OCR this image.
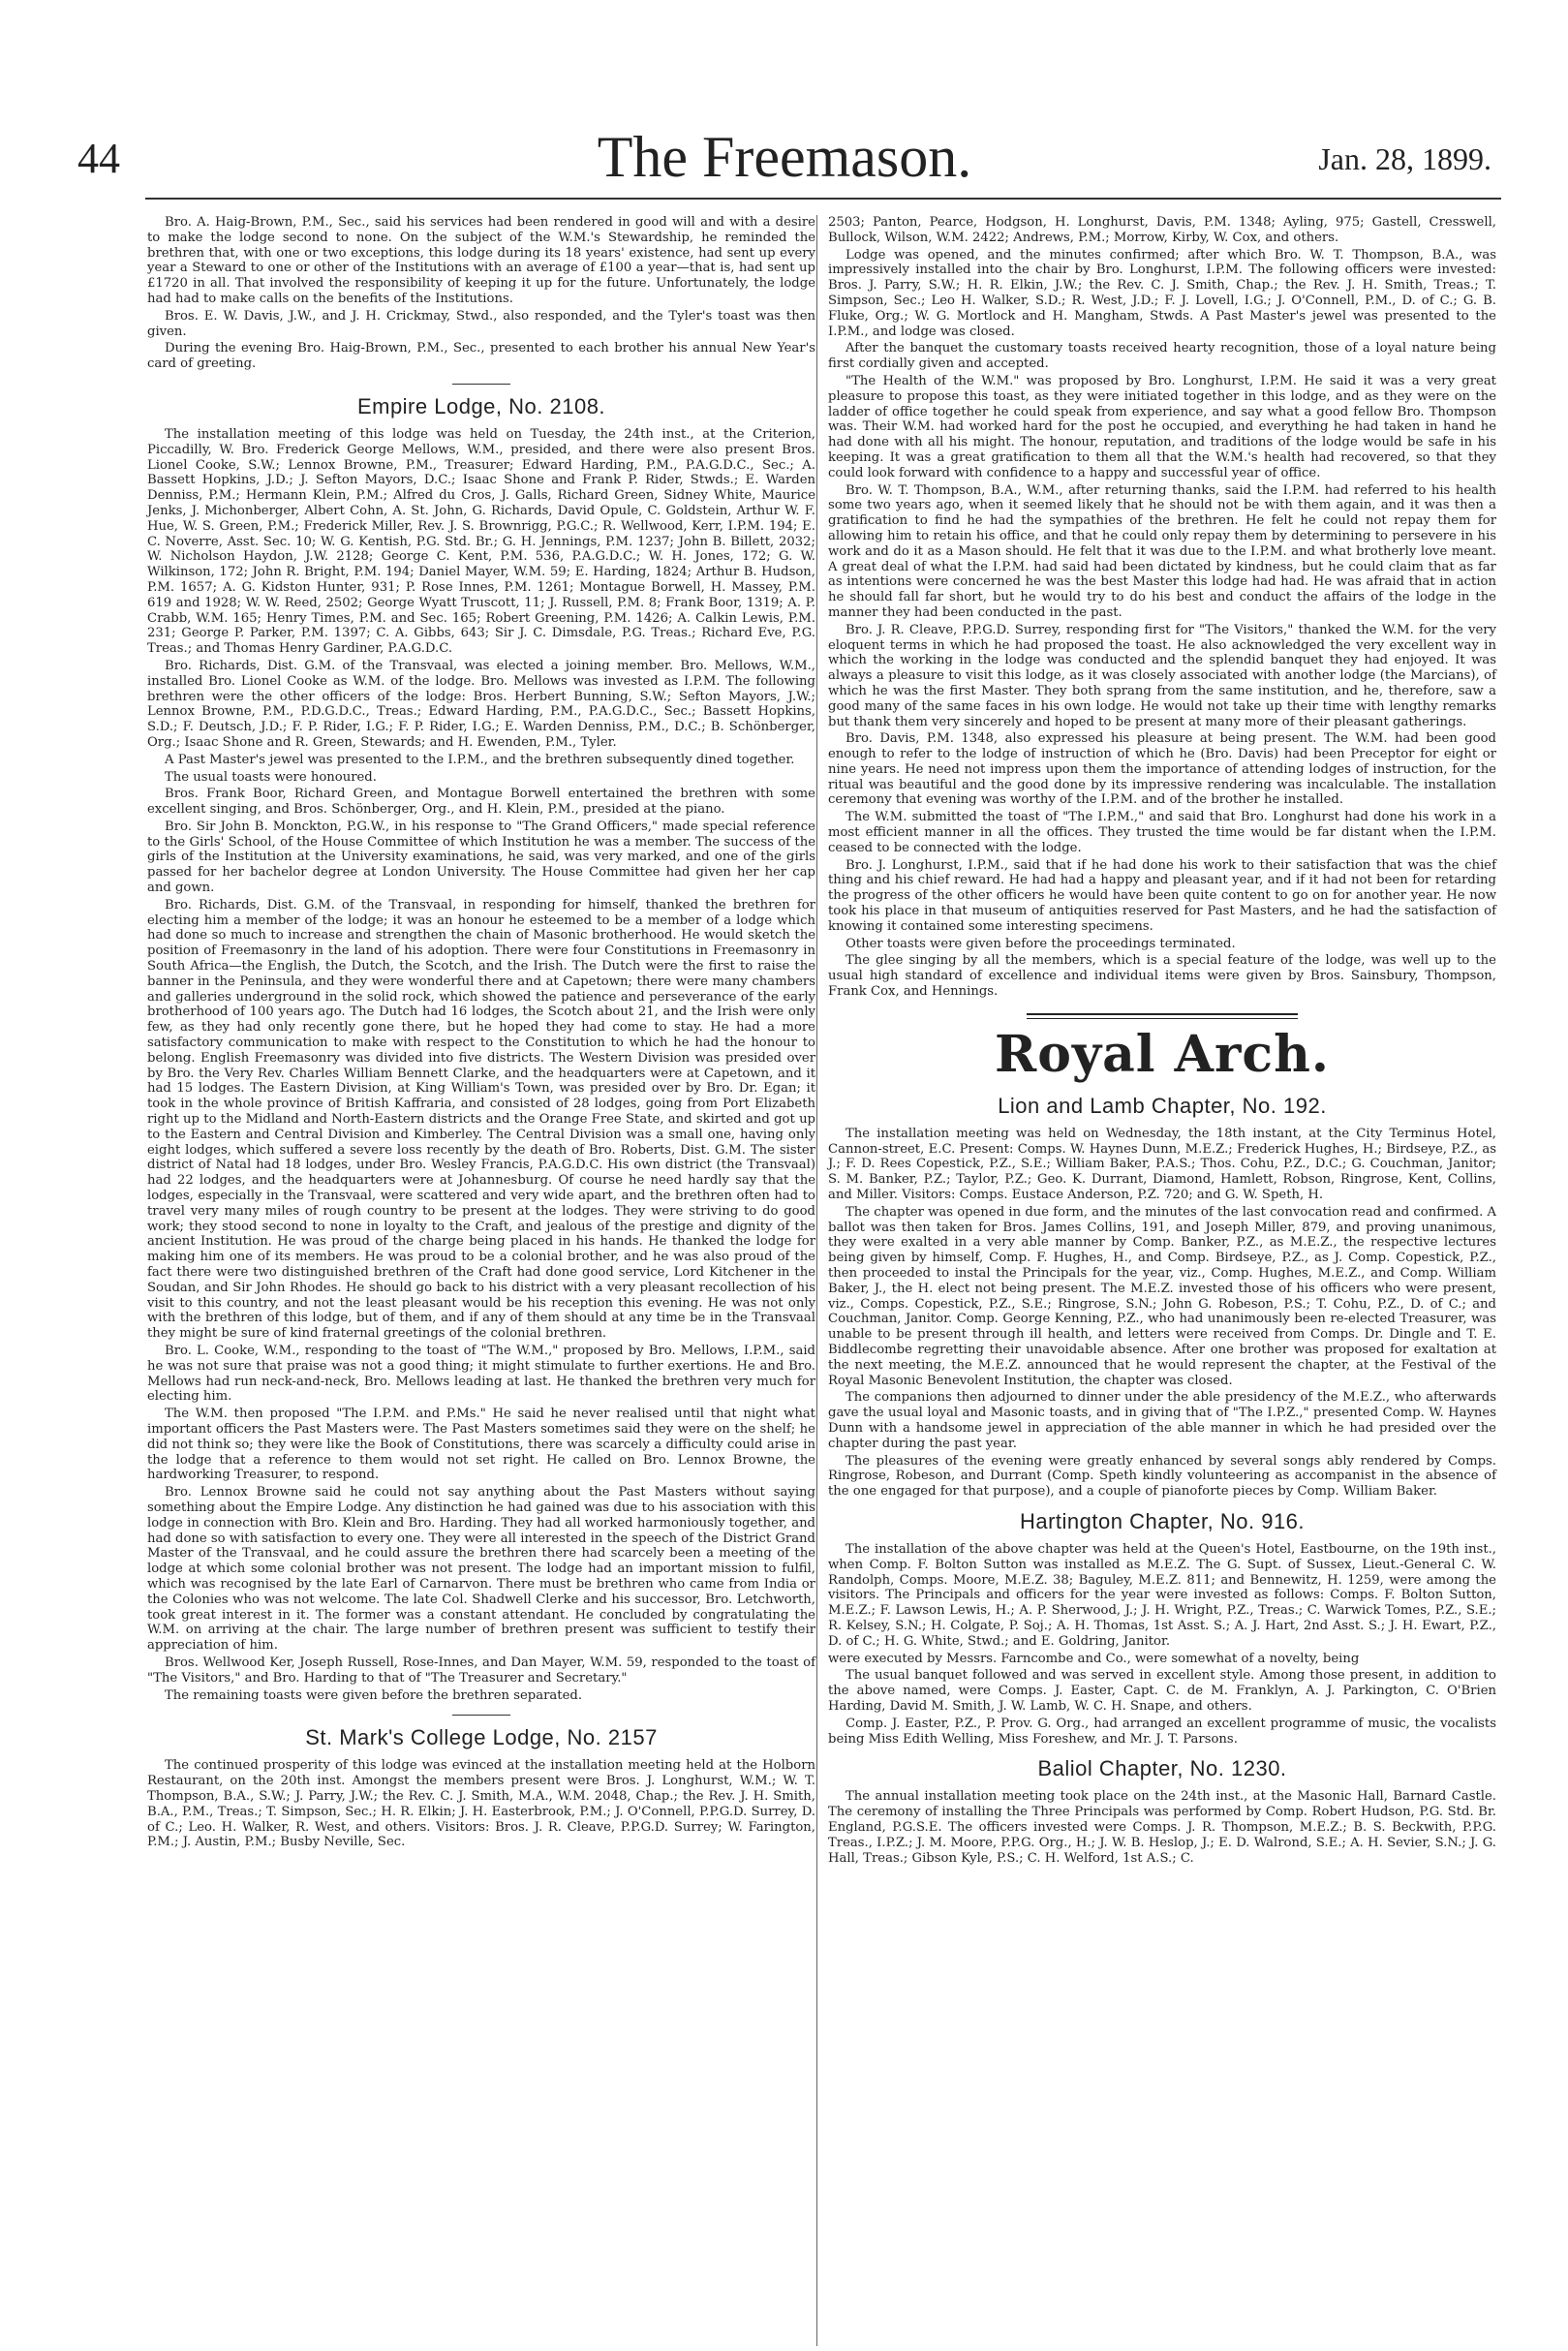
44	The Freemason.	Jan. 28, 1899.

Bro. A. Haig-Brown, P.M., Sec., said his services had been rendered in good will and with a desire to make the lodge second to none. On the subject of the W.M.'s Stewardship, he reminded the brethren that, with one or two exceptions, this lodge during its 18 years' existence, had sent up every year a Steward to one or other of the Institutions with an average of £100 a year—that is, had sent up £1720 in all. That involved the responsibility of keeping it up for the future. Unfortunately, the lodge had had to make calls on the benefits of the Institutions.

Bros. E. W. Davis, J.W., and J. H. Crickmay, Stwd., also responded, and the Tyler's toast was then given.

During the evening Bro. Haig-Brown, P.M., Sec., presented to each brother his annual New Year's card of greeting.

Empire Lodge, No. 2108.

The installation meeting of this lodge was held on Tuesday, the 24th inst., at the Criterion, Piccadilly, W. Bro. Frederick George Mellows, W.M., presided, and there were also present Bros. Lionel Cooke, S.W.; Lennox Browne, P.M., Treasurer; Edward Harding, P.M., P.A.G.D.C., Sec.; A. Bassett Hopkins, J.D.; J. Sefton Mayors, D.C.; Isaac Shone and Frank P. Rider, Stwds.; E. Warden Denniss, P.M.; Hermann Klein, P.M.; Alfred du Cros, J. Galls, Richard Green, Sidney White, Maurice Jenks, J. Michonberger, Albert Cohn, A. St. John, G. Richards, David Opule, C. Goldstein, Arthur W. F. Hue, W. S. Green, P.M.; Frederick Miller, Rev. J. S. Brownrigg, P.G.C.; R. Wellwood, Kerr, I.P.M. 194; E. C. Noverre, Asst. Sec. 10; W. G. Kentish, P.G. Std. Br.; G. H. Jennings, P.M. 1237; John B. Billett, 2032; W. Nicholson Haydon, J.W. 2128; George C. Kent, P.M. 536, P.A.G.D.C.; W. H. Jones, 172; G. W. Wilkinson, 172; John R. Bright, P.M. 194; Daniel Mayer, W.M. 59; E. Harding, 1824; Arthur B. Hudson, P.M. 1657; A. G. Kidston Hunter, 931; P. Rose Innes, P.M. 1261; Montague Borwell, H. Massey, P.M. 619 and 1928; W. W. Reed, 2502; George Wyatt Truscott, 11; J. Russell, P.M. 8; Frank Boor, 1319; A. P. Crabb, W.M. 165; Henry Times, P.M. and Sec. 165; Robert Greening, P.M. 1426; A. Calkin Lewis, P.M. 231; George P. Parker, P.M. 1397; C. A. Gibbs, 643; Sir J. C. Dimsdale, P.G. Treas.; Richard Eve, P.G. Treas.; and Thomas Henry Gardiner, P.A.G.D.C.

Bro. Richards, Dist. G.M. of the Transvaal, was elected a joining member. Bro. Mellows, W.M., installed Bro. Lionel Cooke as W.M. of the lodge. Bro. Mellows was invested as I.P.M. The following brethren were the other officers of the lodge: Bros. Herbert Bunning, S.W.; Sefton Mayors, J.W.; Lennox Browne, P.M., P.D.G.D.C., Treas.; Edward Harding, P.M., P.A.G.D.C., Sec.; Bassett Hopkins, S.D.; F. Deutsch, J.D.; F. P. Rider, I.G.; F. P. Rider, I.G.; E. Warden Denniss, P.M., D.C.; B. Schönberger, Org.; Isaac Shone and R. Green, Stewards; and H. Ewenden, P.M., Tyler.

A Past Master's jewel was presented to the I.P.M., and the brethren subsequently dined together.

The usual toasts were honoured.

Bros. Frank Boor, Richard Green, and Montague Borwell entertained the brethren with some excellent singing, and Bros. Schönberger, Org., and H. Klein, P.M., presided at the piano.

Bro. Sir John B. Monckton, P.G.W., in his response to "The Grand Officers," made special reference to the Girls' School, of the House Committee of which Institution he was a member. The success of the girls of the Institution at the University examinations, he said, was very marked, and one of the girls passed for her bachelor degree at London University. The House Committee had given her her cap and gown.

Bro. Richards, Dist. G.M. of the Transvaal, in responding for himself, thanked the brethren for electing him a member of the lodge; it was an honour he esteemed to be a member of a lodge which had done so much to increase and strengthen the chain of Masonic brotherhood. He would sketch the position of Freemasonry in the land of his adoption. There were four Constitutions in Freemasonry in South Africa—the English, the Dutch, the Scotch, and the Irish. The Dutch were the first to raise the banner in the Peninsula, and they were wonderful there and at Capetown; there were many chambers and galleries underground in the solid rock, which showed the patience and perseverance of the early brotherhood of 100 years ago. The Dutch had 16 lodges, the Scotch about 21, and the Irish were only few, as they had only recently gone there, but he hoped they had come to stay. He had a more satisfactory communication to make with respect to the Constitution to which he had the honour to belong. English Freemasonry was divided into five districts. The Western Division was presided over by Bro. the Very Rev. Charles William Bennett Clarke, and the headquarters were at Capetown, and it had 15 lodges. The Eastern Division, at King William's Town, was presided over by Bro. Dr. Egan; it took in the whole province of British Kaffraria, and consisted of 28 lodges, going from Port Elizabeth right up to the Midland and North-Eastern districts and the Orange Free State, and skirted and got up to the Eastern and Central Division and Kimberley. The Central Division was a small one, having only eight lodges, which suffered a severe loss recently by the death of Bro. Roberts, Dist. G.M. The sister district of Natal had 18 lodges, under Bro. Wesley Francis, P.A.G.D.C. His own district (the Transvaal) had 22 lodges, and the headquarters were at Johannesburg. Of course he need hardly say that the lodges, especially in the Transvaal, were scattered and very wide apart, and the brethren often had to travel very many miles of rough country to be present at the lodges. They were striving to do good work; they stood second to none in loyalty to the Craft, and jealous of the prestige and dignity of the ancient Institution. He was proud of the charge being placed in his hands. He thanked the lodge for making him one of its members. He was proud to be a colonial brother, and he was also proud of the fact there were two distinguished brethren of the Craft had done good service, Lord Kitchener in the Soudan, and Sir John Rhodes. He should go back to his district with a very pleasant recollection of his visit to this country, and not the least pleasant would be his reception this evening. He was not only with the brethren of this lodge, but of them, and if any of them should at any time be in the Transvaal they might be sure of kind fraternal greetings of the colonial brethren.

Bro. L. Cooke, W.M., responding to the toast of "The W.M.," proposed by Bro. Mellows, I.P.M., said he was not sure that praise was not a good thing; it might stimulate to further exertions. He and Bro. Mellows had run neck-and-neck, Bro. Mellows leading at last. He thanked the brethren very much for electing him.

The W.M. then proposed "The I.P.M. and P.Ms." He said he never realised until that night what important officers the Past Masters were. The Past Masters sometimes said they were on the shelf; he did not think so; they were like the Book of Constitutions, there was scarcely a difficulty could arise in the lodge that a reference to them would not set right. He called on Bro. Lennox Browne, the hardworking Treasurer, to respond.

Bro. Lennox Browne said he could not say anything about the Past Masters without saying something about the Empire Lodge. Any distinction he had gained was due to his association with this lodge in connection with Bro. Klein and Bro. Harding. They had all worked harmoniously together, and had done so with satisfaction to every one. They were all interested in the speech of the District Grand Master of the Transvaal, and he could assure the brethren there had scarcely been a meeting of the lodge at which some colonial brother was not present. The lodge had an important mission to fulfil, which was recognised by the late Earl of Carnarvon. There must be brethren who came from India or the Colonies who was not welcome. The late Col. Shadwell Clerke and his successor, Bro. Letchworth, took great interest in it. The former was a constant attendant. He concluded by congratulating the W.M. on arriving at the chair. The large number of brethren present was sufficient to testify their appreciation of him.

Bros. Wellwood Ker, Joseph Russell, Rose-Innes, and Dan Mayer, W.M. 59, responded to the toast of "The Visitors," and Bro. Harding to that of "The Treasurer and Secretary."

The remaining toasts were given before the brethren separated.

St. Mark's College Lodge, No. 2157

The continued prosperity of this lodge was evinced at the installation meeting held at the Holborn Restaurant, on the 20th inst. Amongst the members present were Bros. J. Longhurst, W.M.; W. T. Thompson, B.A., S.W.; J. Parry, J.W.; the Rev. C. J. Smith, M.A., W.M. 2048, Chap.; the Rev. J. H. Smith, B.A., P.M., Treas.; T. Simpson, Sec.; H. R. Elkin; J. H. Easterbrook, P.M.; J. O'Connell, P.P.G.D. Surrey, D. of C.; Leo. H. Walker, R. West, and others. Visitors: Bros. J. R. Cleave, P.P.G.D. Surrey; W. Farington, P.M.; J. Austin, P.M.; Busby Neville, Sec.

2503; Panton, Pearce, Hodgson, H. Longhurst, Davis, P.M. 1348; Ayling, 975; Gastell, Cresswell, Bullock, Wilson, W.M. 2422; Andrews, P.M.; Morrow, Kirby, W. Cox, and others.

Lodge was opened, and the minutes confirmed; after which Bro. W. T. Thompson, B.A., was impressively installed into the chair by Bro. Longhurst, I.P.M. The following officers were invested: Bros. J. Parry, S.W.; H. R. Elkin, J.W.; the Rev. C. J. Smith, Chap.; the Rev. J. H. Smith, Treas.; T. Simpson, Sec.; Leo H. Walker, S.D.; R. West, J.D.; F. J. Lovell, I.G.; J. O'Connell, P.M., D. of C.; G. B. Fluke, Org.; W. G. Mortlock and H. Mangham, Stwds. A Past Master's jewel was presented to the I.P.M., and lodge was closed.

After the banquet the customary toasts received hearty recognition, those of a loyal nature being first cordially given and accepted.

"The Health of the W.M." was proposed by Bro. Longhurst, I.P.M. He said it was a very great pleasure to propose this toast, as they were initiated together in this lodge, and as they were on the ladder of office together he could speak from experience, and say what a good fellow Bro. Thompson was. Their W.M. had worked hard for the post he occupied, and everything he had taken in hand he had done with all his might. The honour, reputation, and traditions of the lodge would be safe in his keeping. It was a great gratification to them all that the W.M.'s health had recovered, so that they could look forward with confidence to a happy and successful year of office.

Bro. W. T. Thompson, B.A., W.M., after returning thanks, said the I.P.M. had referred to his health some two years ago, when it seemed likely that he should not be with them again, and it was then a gratification to find he had the sympathies of the brethren. He felt he could not repay them for allowing him to retain his office, and that he could only repay them by determining to persevere in his work and do it as a Mason should. He felt that it was due to the I.P.M. and what brotherly love meant. A great deal of what the I.P.M. had said had been dictated by kindness, but he could claim that as far as intentions were concerned he was the best Master this lodge had had. He was afraid that in action he should fall far short, but he would try to do his best and conduct the affairs of the lodge in the manner they had been conducted in the past.

Bro. J. R. Cleave, P.P.G.D. Surrey, responding first for "The Visitors," thanked the W.M. for the very eloquent terms in which he had proposed the toast. He also acknowledged the very excellent way in which the working in the lodge was conducted and the splendid banquet they had enjoyed. It was always a pleasure to visit this lodge, as it was closely associated with another lodge (the Marcians), of which he was the first Master. They both sprang from the same institution, and he, therefore, saw a good many of the same faces in his own lodge. He would not take up their time with lengthy remarks but thank them very sincerely and hoped to be present at many more of their pleasant gatherings.

Bro. Davis, P.M. 1348, also expressed his pleasure at being present. The W.M. had been good enough to refer to the lodge of instruction of which he (Bro. Davis) had been Preceptor for eight or nine years. He need not impress upon them the importance of attending lodges of instruction, for the ritual was beautiful and the good done by its impressive rendering was incalculable. The installation ceremony that evening was worthy of the I.P.M. and of the brother he installed.

The W.M. submitted the toast of "The I.P.M.," and said that Bro. Longhurst had done his work in a most efficient manner in all the offices. They trusted the time would be far distant when the I.P.M. ceased to be connected with the lodge.

Bro. J. Longhurst, I.P.M., said that if he had done his work to their satisfaction that was the chief thing and his chief reward. He had had a happy and pleasant year, and if it had not been for retarding the progress of the other officers he would have been quite content to go on for another year. He now took his place in that museum of antiquities reserved for Past Masters, and he had the satisfaction of knowing it contained some interesting specimens.

Other toasts were given before the proceedings terminated.

The glee singing by all the members, which is a special feature of the lodge, was well up to the usual high standard of excellence and individual items were given by Bros. Sainsbury, Thompson, Frank Cox, and Hennings.

Royal Arch.
Lion and Lamb Chapter, No. 192.

The installation meeting was held on Wednesday, the 18th instant, at the City Terminus Hotel, Cannon-street, E.C. Present: Comps. W. Haynes Dunn, M.E.Z.; Frederick Hughes, H.; Birdseye, P.Z., as J.; F. D. Rees Copestick, P.Z., S.E.; William Baker, P.A.S.; Thos. Cohu, P.Z., D.C.; G. Couchman, Janitor; S. M. Banker, P.Z.; Taylor, P.Z.; Geo. K. Durrant, Diamond, Hamlett, Robson, Ringrose, Kent, Collins, and Miller. Visitors: Comps. Eustace Anderson, P.Z. 720; and G. W. Speth, H.

The chapter was opened in due form, and the minutes of the last convocation read and confirmed. A ballot was then taken for Bros. James Collins, 191, and Joseph Miller, 879, and proving unanimous, they were exalted in a very able manner by Comp. Banker, P.Z., as M.E.Z., the respective lectures being given by himself, Comp. F. Hughes, H., and Comp. Birdseye, P.Z., as J. Comp. Copestick, P.Z., then proceeded to instal the Principals for the year, viz., Comp. Hughes, M.E.Z., and Comp. William Baker, J., the H. elect not being present. The M.E.Z. invested those of his officers who were present, viz., Comps. Copestick, P.Z., S.E.; Ringrose, S.N.; John G. Robeson, P.S.; T. Cohu, P.Z., D. of C.; and Couchman, Janitor. Comp. George Kenning, P.Z., who had unanimously been re-elected Treasurer, was unable to be present through ill health, and letters were received from Comps. Dr. Dingle and T. E. Biddlecombe regretting their unavoidable absence. After one brother was proposed for exaltation at the next meeting, the M.E.Z. announced that he would represent the chapter, at the Festival of the Royal Masonic Benevolent Institution, the chapter was closed.

The companions then adjourned to dinner under the able presidency of the M.E.Z., who afterwards gave the usual loyal and Masonic toasts, and in giving that of "The I.P.Z.," presented Comp. W. Haynes Dunn with a handsome jewel in appreciation of the able manner in which he had presided over the chapter during the past year.

The pleasures of the evening were greatly enhanced by several songs ably rendered by Comps. Ringrose, Robeson, and Durrant (Comp. Speth kindly volunteering as accompanist in the absence of the one engaged for that purpose), and a couple of pianoforte pieces by Comp. William Baker.

Hartington Chapter, No. 916.

The installation of the above chapter was held at the Queen's Hotel, Eastbourne, on the 19th inst., when Comp. F. Bolton Sutton was installed as M.E.Z. The G. Supt. of Sussex, Lieut.-General C. W. Randolph, Comps. Moore, M.E.Z. 38; Baguley, M.E.Z. 811; and Bennewitz, H. 1259, were among the visitors. The Principals and officers for the year were invested as follows: Comps. F. Bolton Sutton, M.E.Z.; F. Lawson Lewis, H.; A. P. Sherwood, J.; J. H. Wright, P.Z., Treas.; C. Warwick Tomes, P.Z., S.E.; R. Kelsey, S.N.; H. Colgate, P. Soj.; A. H. Thomas, 1st Asst. S.; A. J. Hart, 2nd Asst. S.; J. H. Ewart, P.Z., D. of C.; H. G. White, Stwd.; and E. Goldring, Janitor.

were executed by Messrs. Farncombe and Co., were somewhat of a novelty, being

The usual banquet followed and was served in excellent style. Among those present, in addition to the above named, were Comps. J. Easter, Capt. C. de M. Franklyn, A. J. Parkington, C. O'Brien Harding, David M. Smith, J. W. Lamb, W. C. H. Snape, and others.

Comp. J. Easter, P.Z., P. Prov. G. Org., had arranged an excellent programme of music, the vocalists being Miss Edith Welling, Miss Foreshew, and Mr. J. T. Parsons.

Baliol Chapter, No. 1230.

The annual installation meeting took place on the 24th inst., at the Masonic Hall, Barnard Castle. The ceremony of installing the Three Principals was performed by Comp. Robert Hudson, P.G. Std. Br. England, P.G.S.E. The officers invested were Comps. J. R. Thompson, M.E.Z.; B. S. Beckwith, P.P.G. Treas., I.P.Z.; J. M. Moore, P.P.G. Org., H.; J. W. B. Heslop, J.; E. D. Walrond, S.E.; A. H. Sevier, S.N.; J. G. Hall, Treas.; Gibson Kyle, P.S.; C. H. Welford, 1st A.S.; C.
